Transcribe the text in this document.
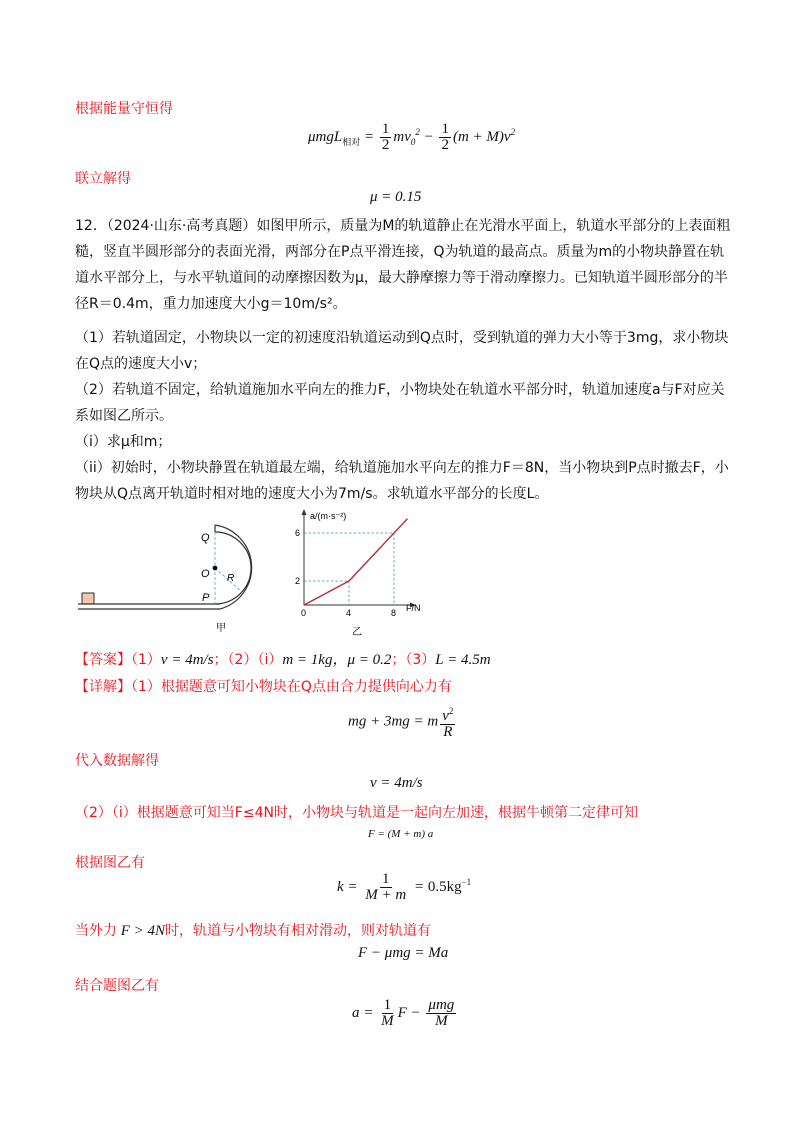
根据能量守恒得
$\mu mgL_{相对} = \frac{1}{2} mv_0^2 - \frac{1}{2} (m + M)v^2$
联立解得
μ = 0.15
12．（2024·山东·高考真题）如图甲所示，质量为M的轨道静止在光滑水平面上，轨道水平部分的上表面粗糙，竖直半圆形部分的表面光滑，两部分在P点平滑连接，Q为轨道的最高点。质量为m的小物块静置在轨道水平部分上，与水平轨道间的动摩擦因数为μ，最大静摩擦力等于滑动摩擦力。已知轨道半圆形部分的半径R＝0.4m，重力加速度大小g＝10m/s²。
（1）若轨道固定，小物块以一定的初速度沿轨道运动到Q点时，受到轨道的弹力大小等于3mg，求小物块在Q点的速度大小v；
（2）若轨道不固定，给轨道施加水平向左的推力F，小物块处在轨道水平部分时，轨道加速度a与F对应关系如图乙所示。
（i）求μ和m；
（ii）初始时，小物块静置在轨道最左端，给轨道施加水平向左的推力F＝8N，当小物块到P点时撤去F，小物块从Q点离开轨道时相对地的速度大小为7m/s。求轨道水平部分的长度L。
Q
O R
P
甲
a/(m·s⁻²)
F/N
0	4	8
2
6
乙
【答案】（1）v = 4m/s；（2）（i）m = 1kg，μ = 0.2；（3）L = 4.5m
【详解】（1）根据题意可知小物块在Q点由合力提供向心力有
mg + 3mg = m $\frac{v^2}{R}$
代入数据解得
v = 4m/s
（2）（i）根据题意可知当F≤4N时，小物块与轨道是一起向左加速，根据牛顿第二定律可知
F = (M + m) a
根据图乙有
$k = \frac{1}{M + m} = 0.5kg^{-1}$
当外力 F > 4N时，轨道与小物块有相对滑动，则对轨道有
F − μmg = Ma
结合题图乙有
$a = \frac{1}{M}$ $F - \frac{\text{μmg}}{M}$
